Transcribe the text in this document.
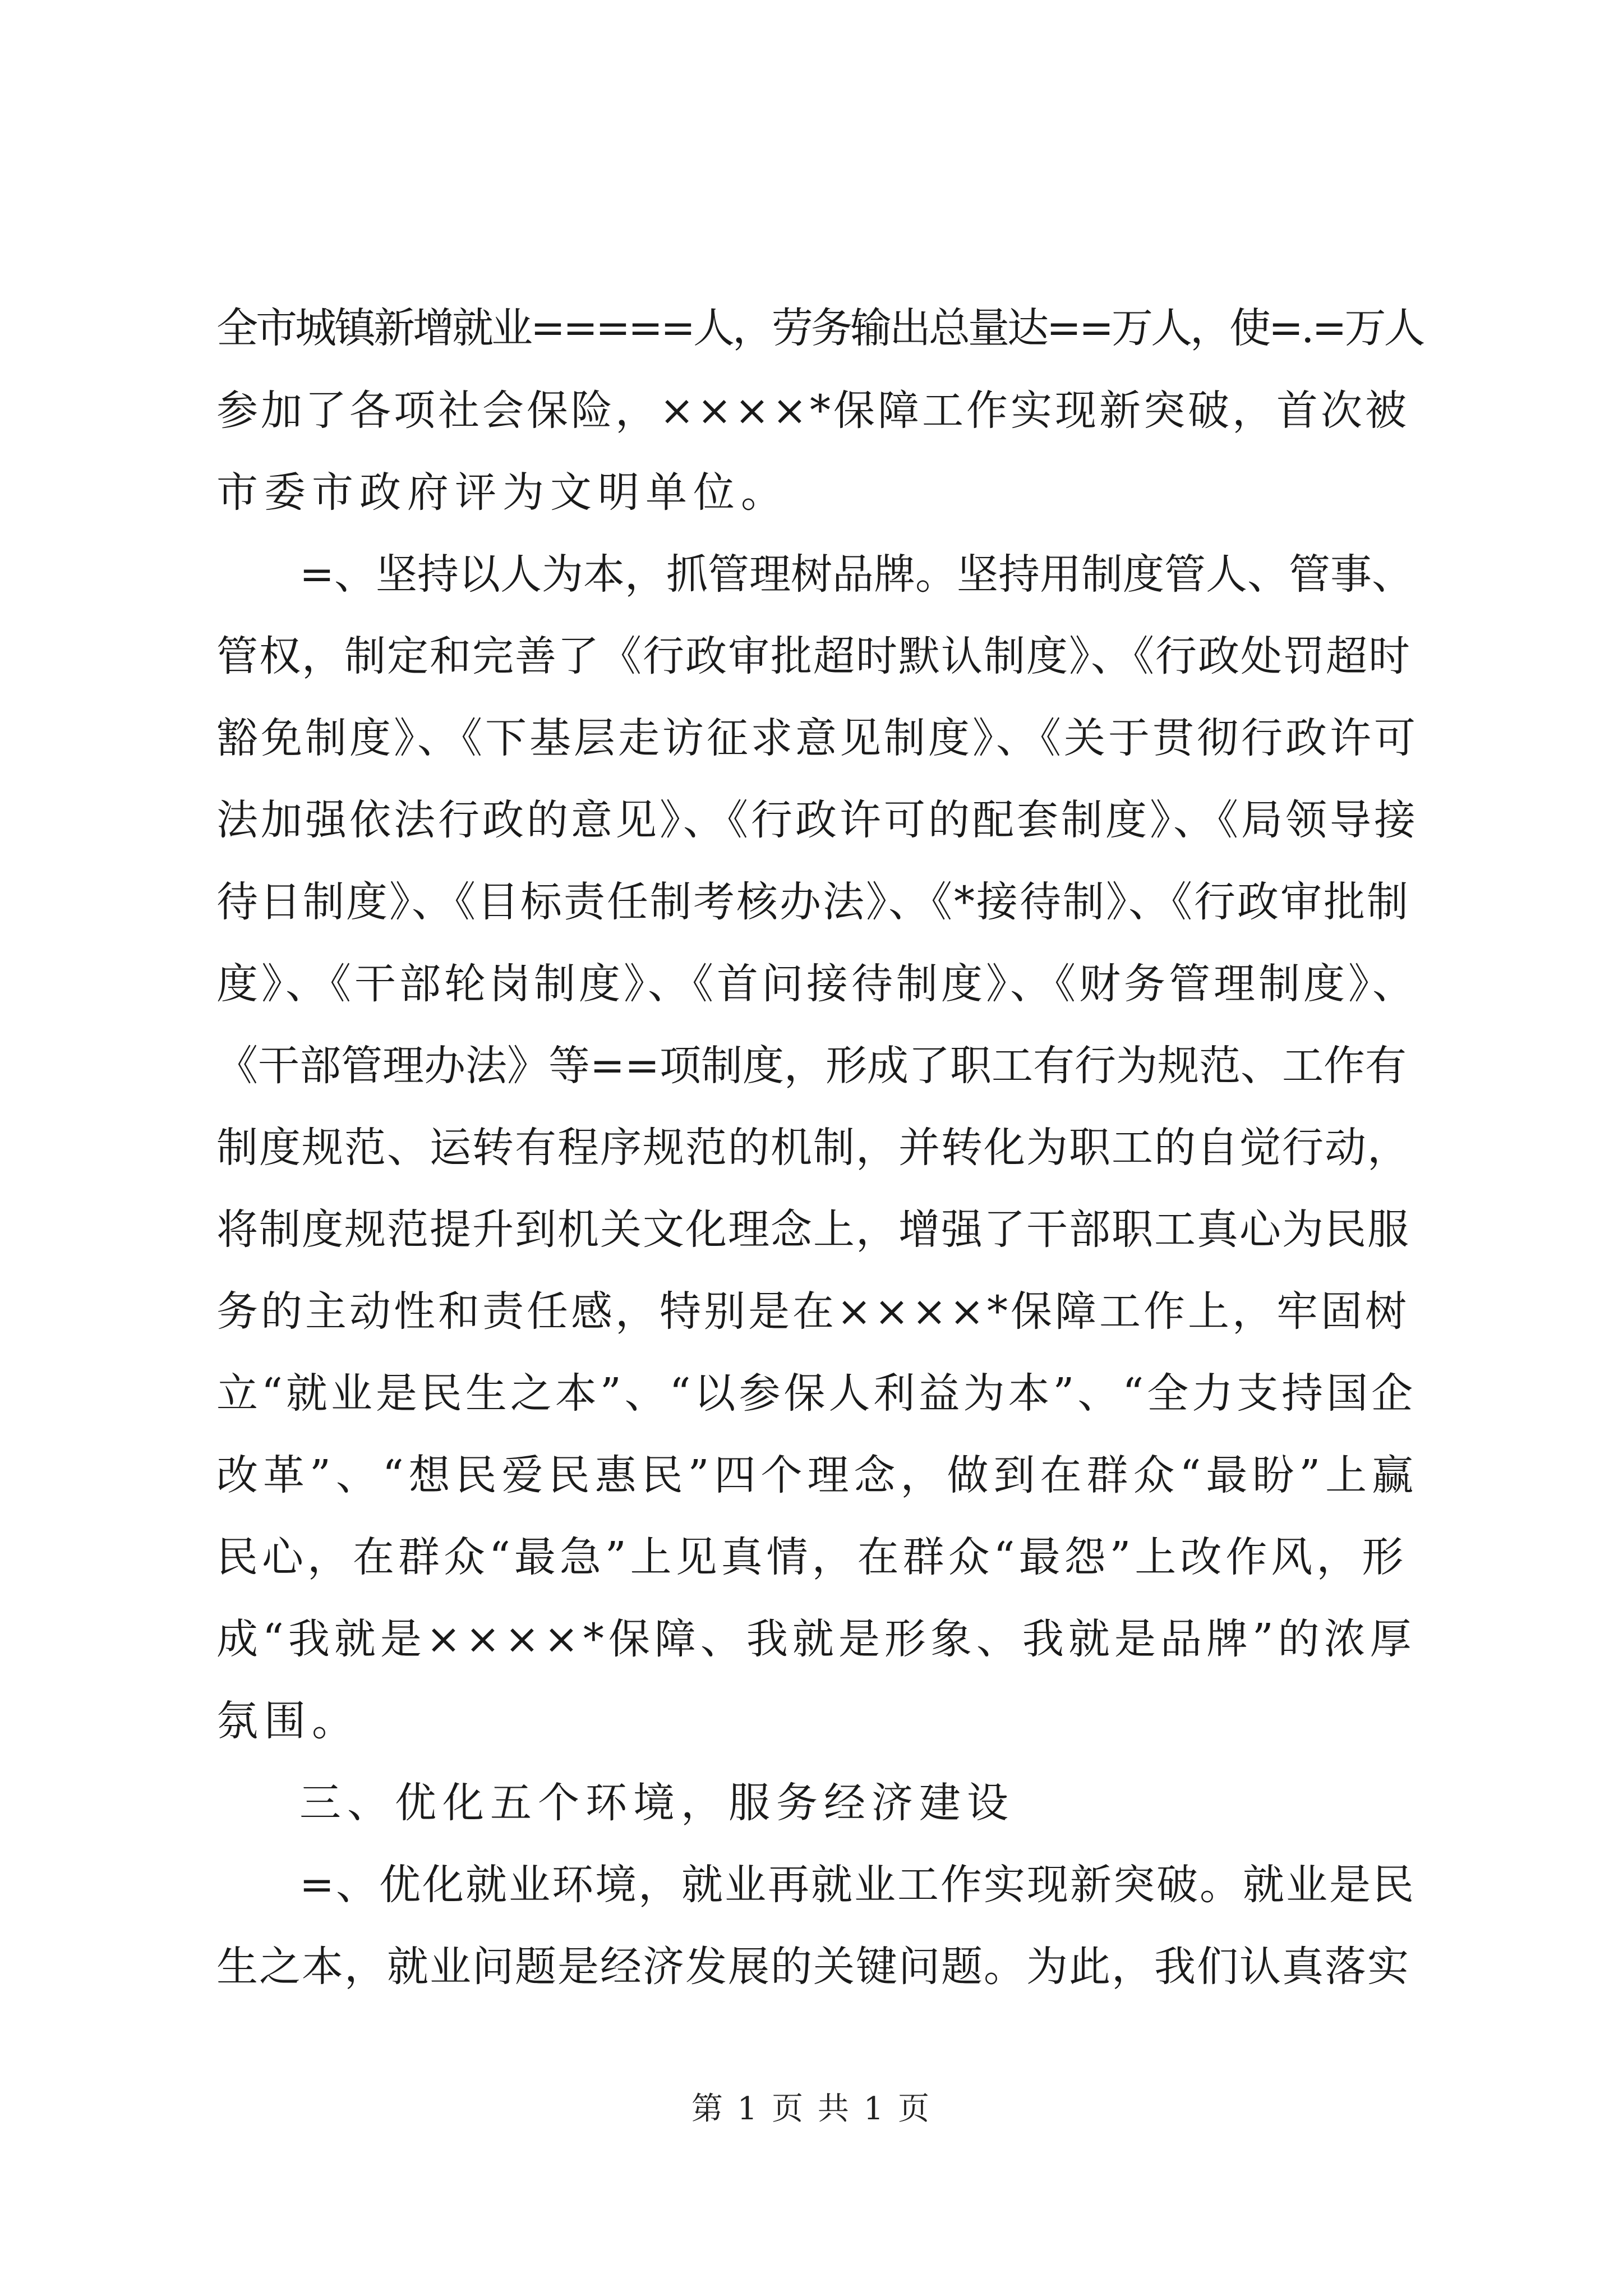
全市城镇新增就业=====人，劳务输出总量达==万人，使=.=万人
参加了各项社会保险，××××*保障工作实现新突破，首次被
市委市政府评为文明单位。
=、坚持以人为本，抓管理树品牌。坚持用制度管人、管事、
管权，制定和完善了《行政审批超时默认制度》、《行政处罚超时
豁免制度》、《下基层走访征求意见制度》、《关于贯彻行政许可
法加强依法行政的意见》、《行政许可的配套制度》、《局领导接
待日制度》、《目标责任制考核办法》、《*接待制》、《行政审批制
度》、《干部轮岗制度》、《首问接待制度》、《财务管理制度》、
《干部管理办法》等==项制度，形成了职工有行为规范、工作有
制度规范、运转有程序规范的机制，并转化为职工的自觉行动，
将制度规范提升到机关文化理念上，增强了干部职工真心为民服
务的主动性和责任感，特别是在××××*保障工作上，牢固树
立“就业是民生之本”、“以参保人利益为本”、“全力支持国企
改革”、“想民爱民惠民”四个理念，做到在群众“最盼”上赢
民心，在群众“最急”上见真情，在群众“最怨”上改作风，形
成“我就是××××*保障、我就是形象、我就是品牌”的浓厚
氛围。
三、优化五个环境，服务经济建设
=、优化就业环境，就业再就业工作实现新突破。就业是民
生之本，就业问题是经济发展的关键问题。为此，我们认真落实
第 1 页 共 1 页
